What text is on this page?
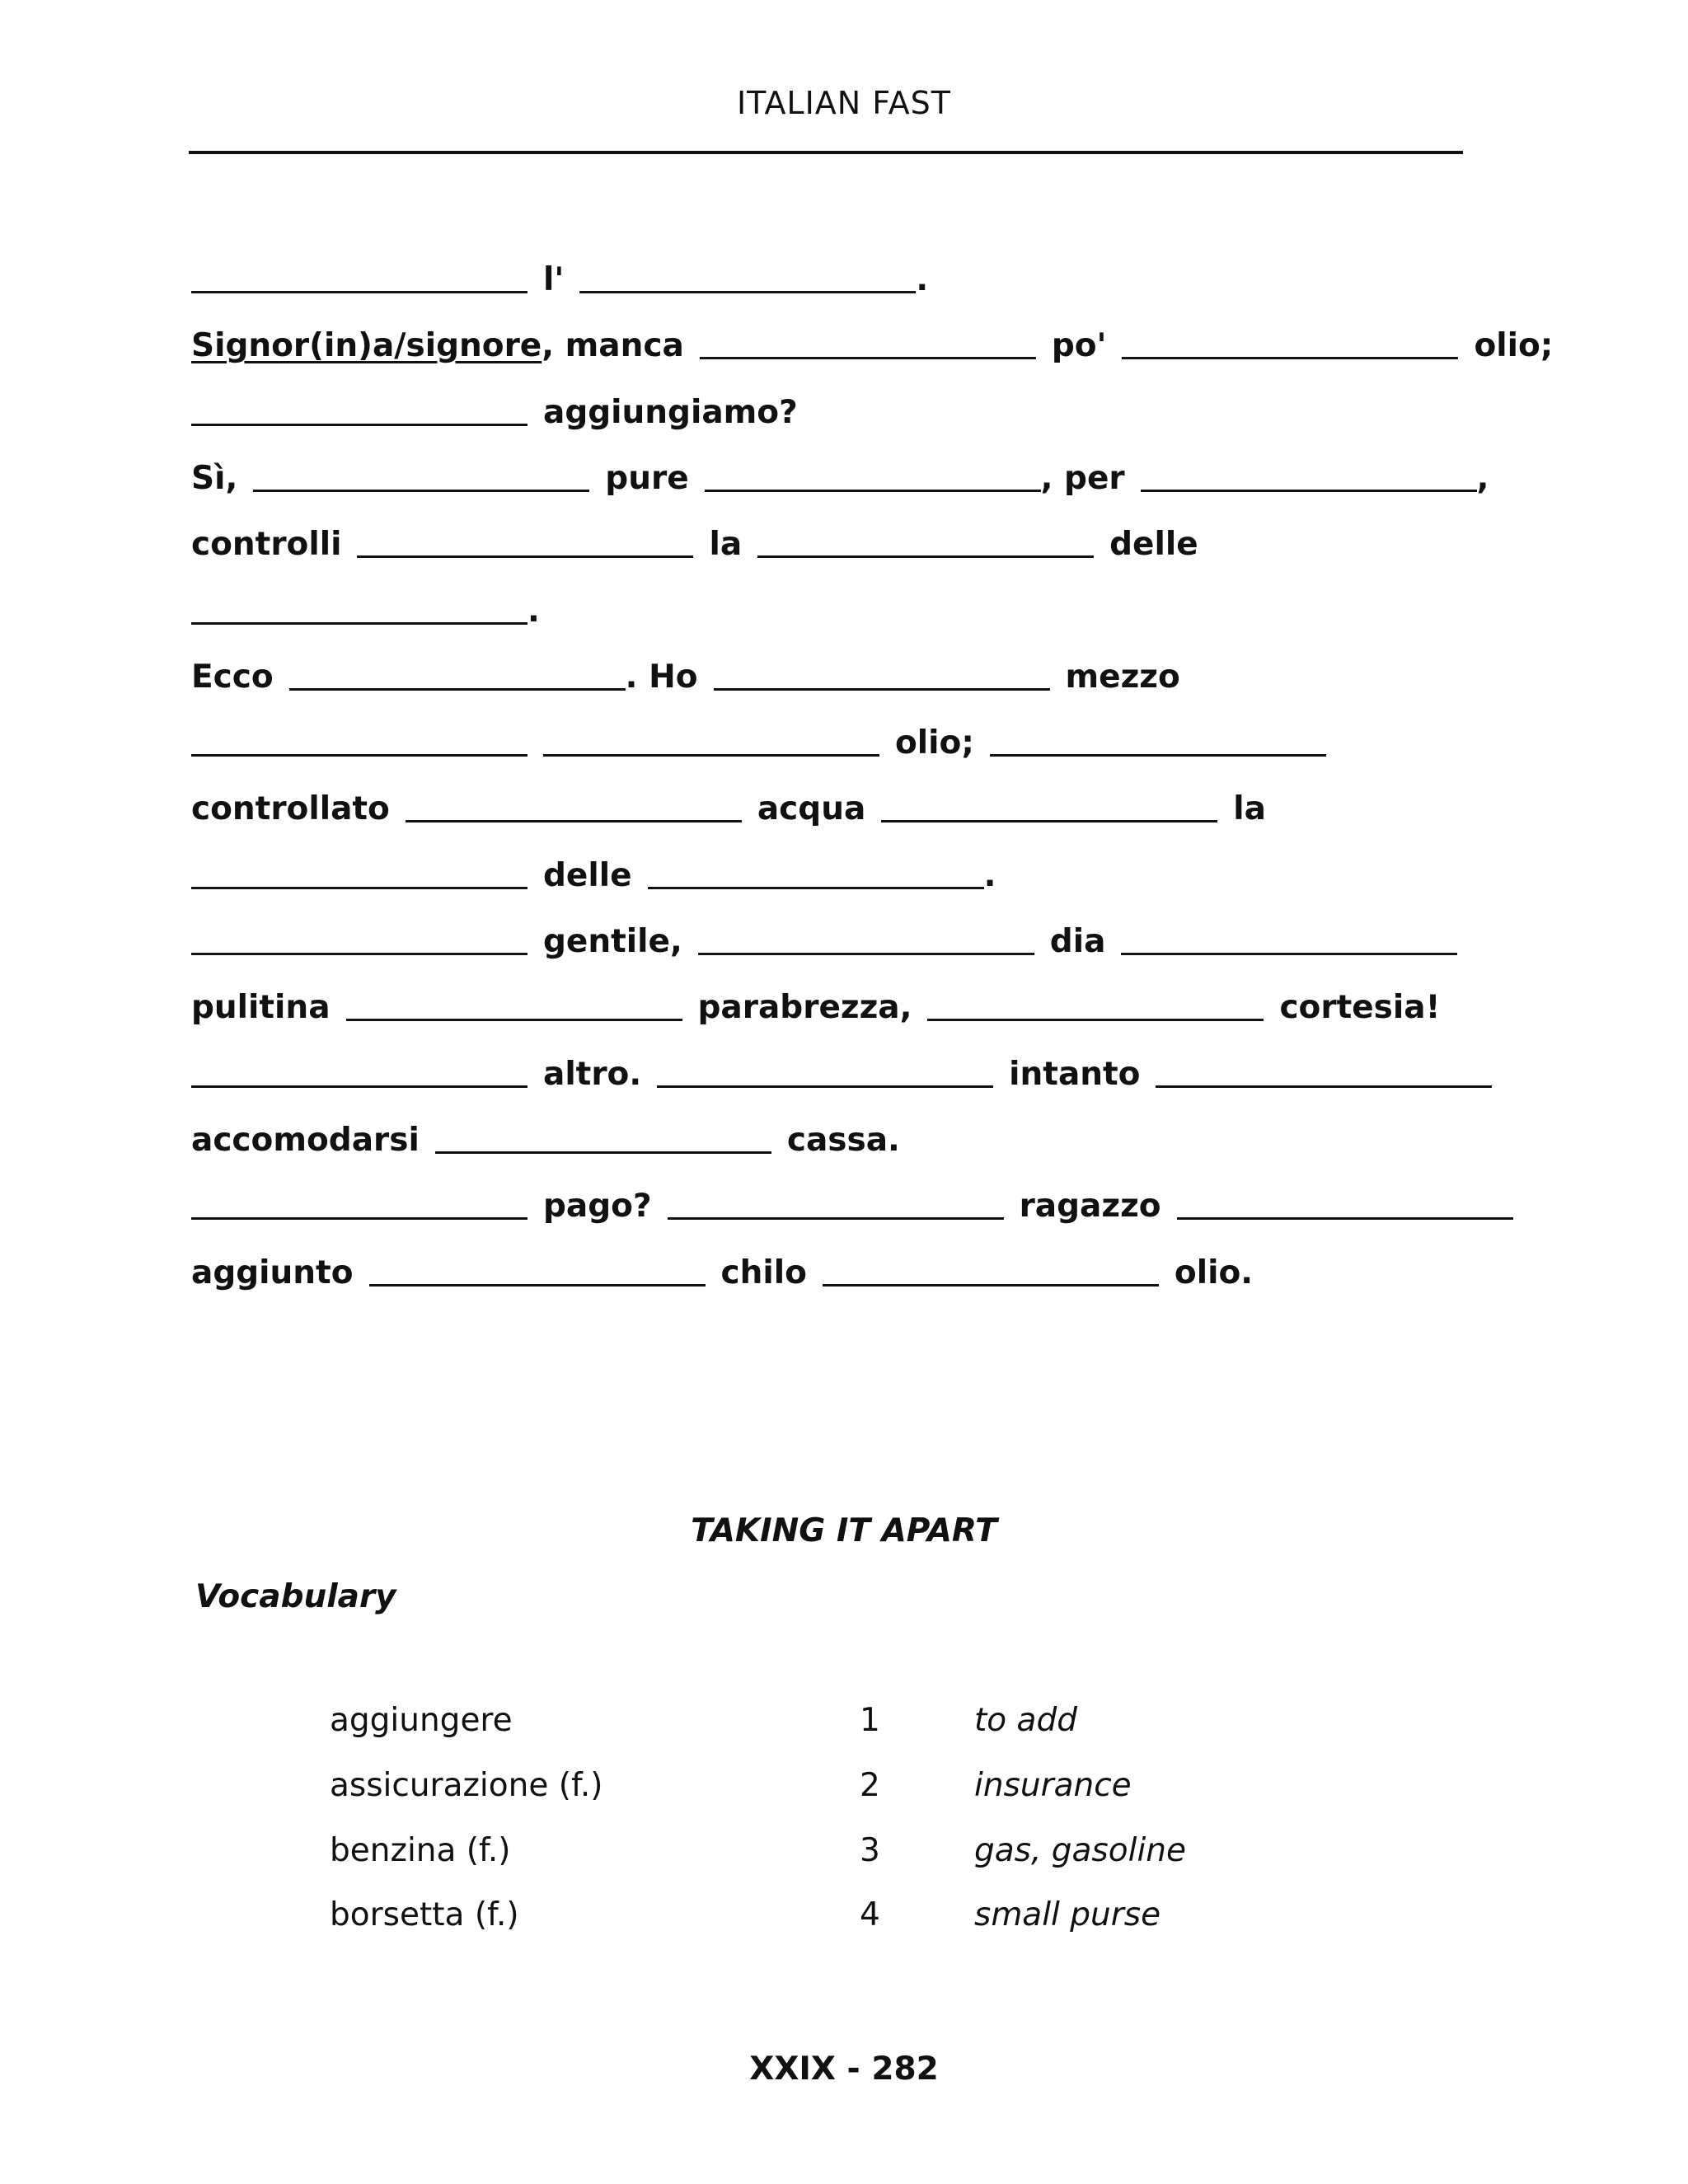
ITALIAN FAST
l'	.
Signor(in)a/signore , manca	po'	olio;
aggiungiamo?
Sì,	pure	, per	,
controlli	la	delle
.
Ecco	. Ho	mezzo
olio;
controllato	acqua	la
delle	.
gentile,	dia
pulitina	parabrezza,	cortesia!
altro.	intanto
accomodarsi	cassa.
pago?	ragazzo
aggiunto	chilo	olio.
TAKING IT APART
Vocabulary
aggiungere	1	to add
assicurazione (f.)	2	insurance
benzina (f.)	3	gas, gasoline
borsetta (f.)	4	small purse
XXIX - 282
